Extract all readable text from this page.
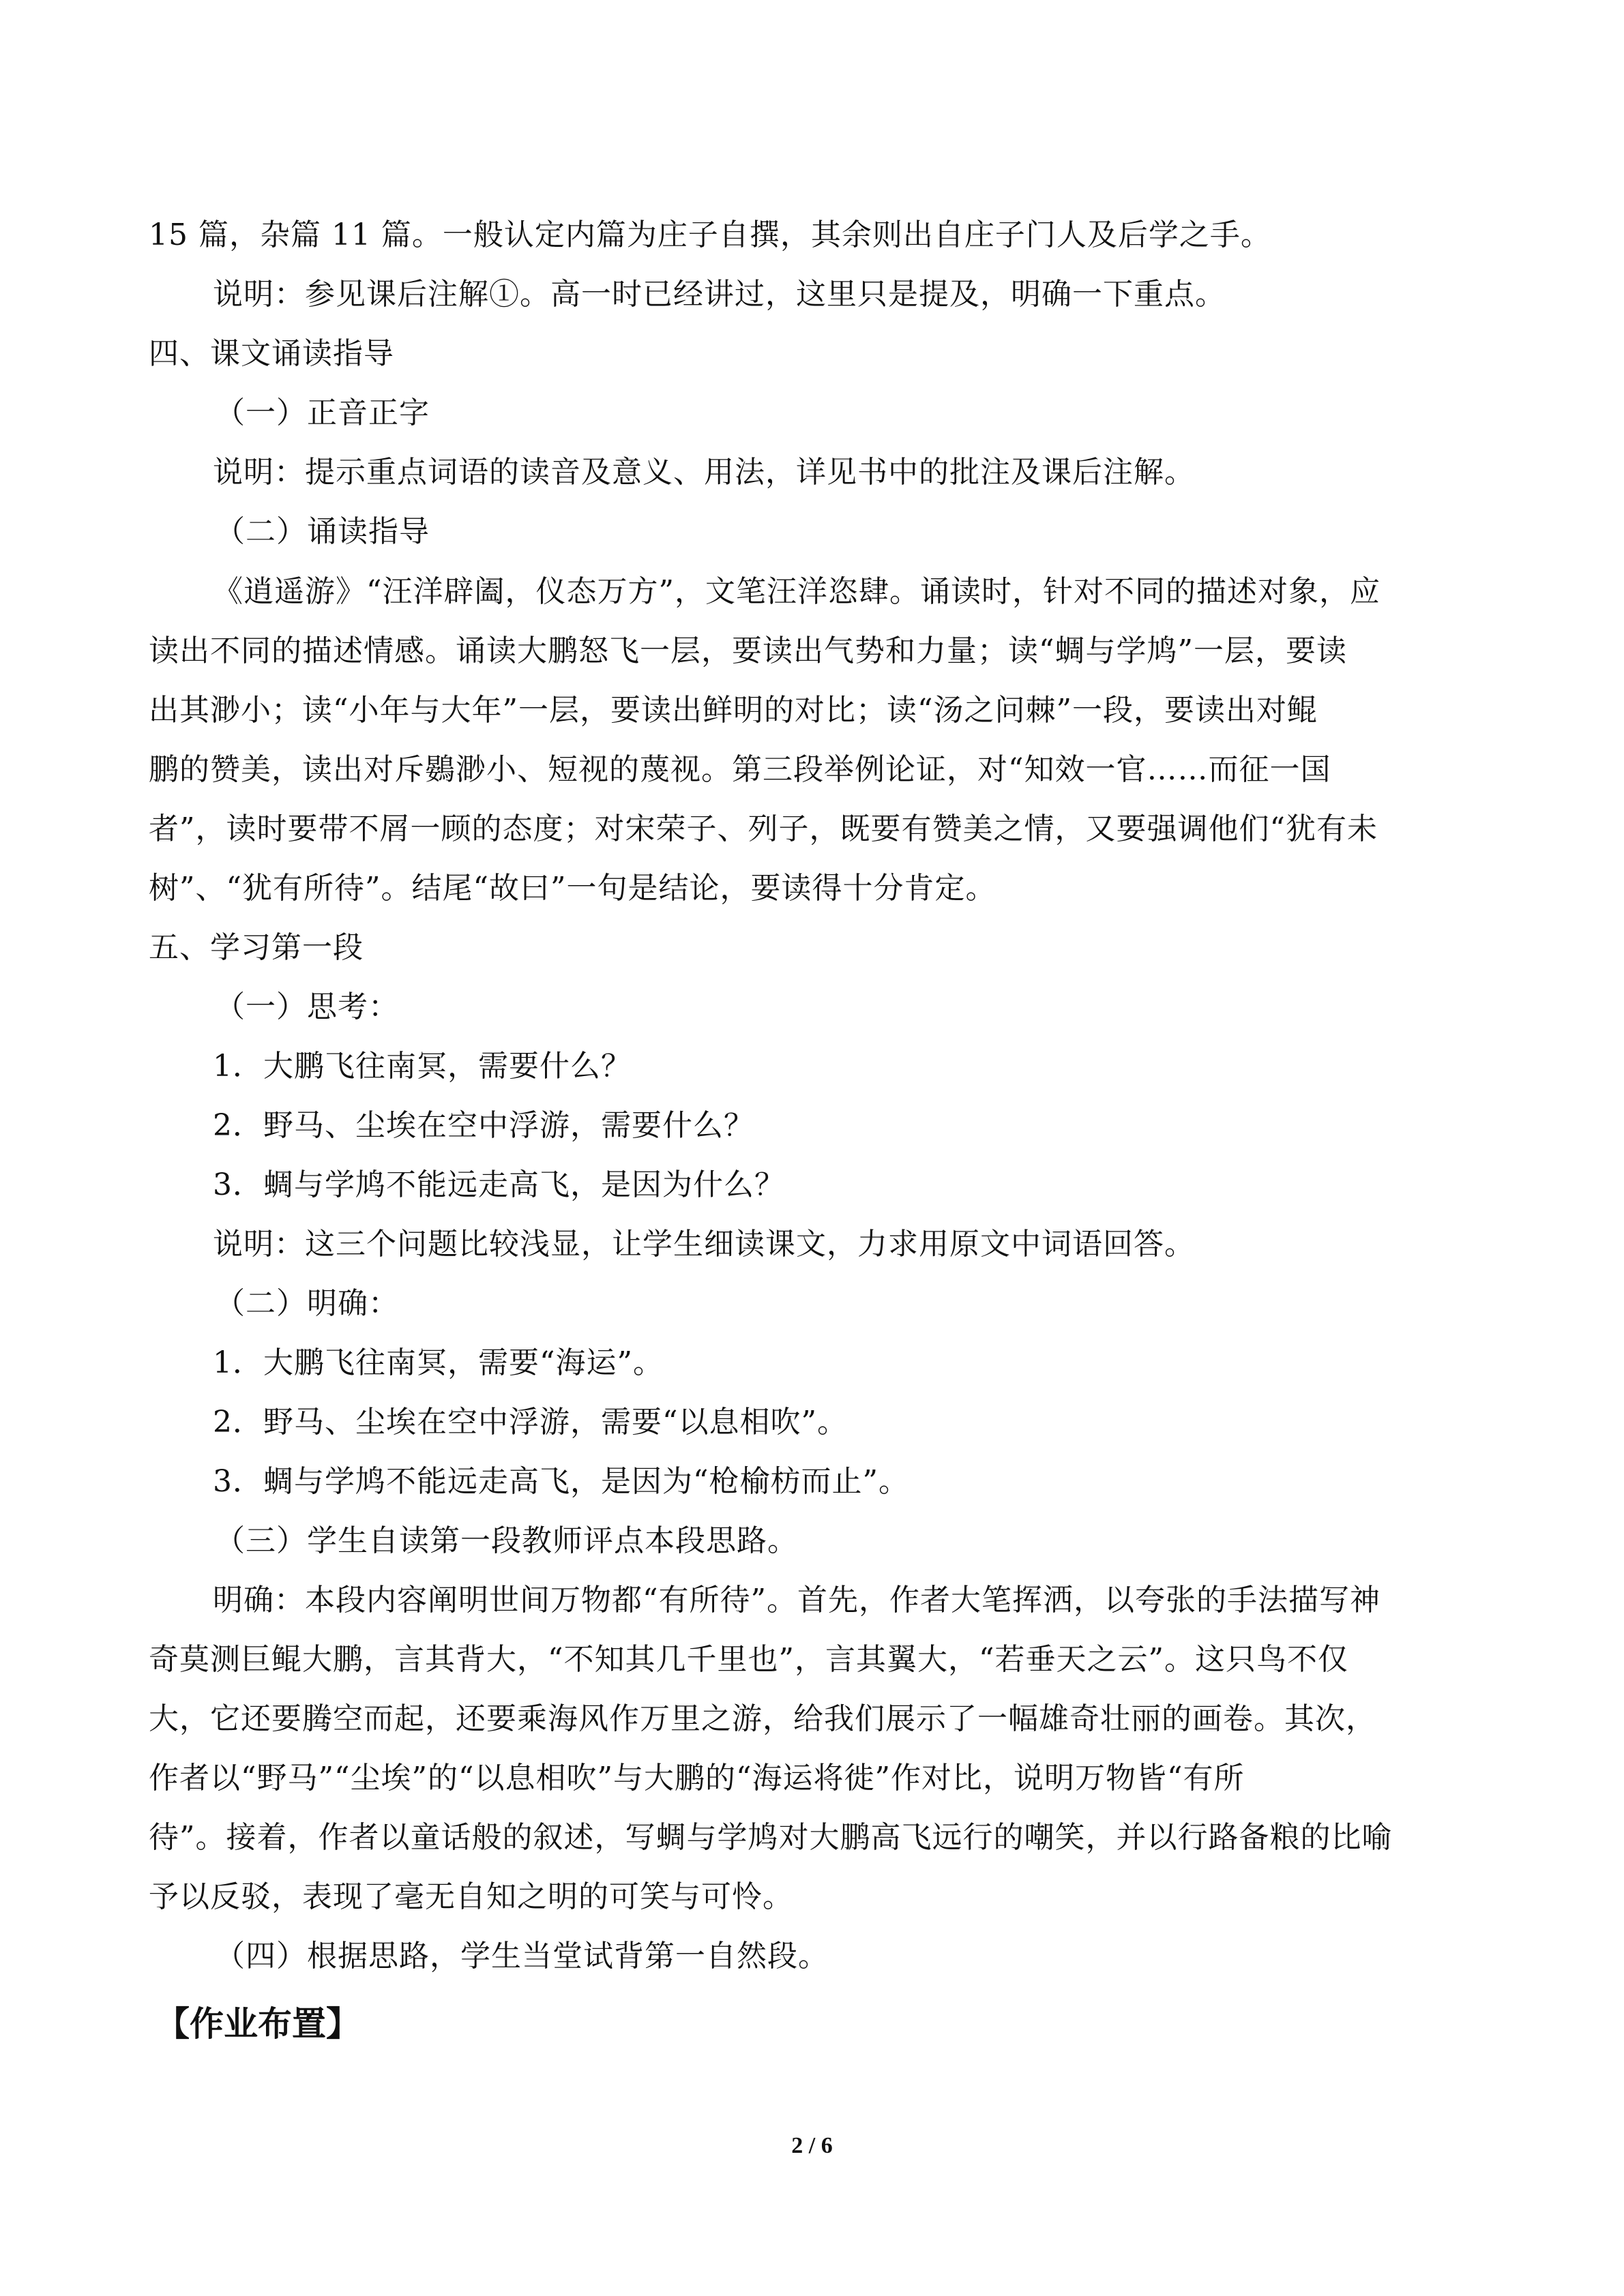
15 篇，杂篇 11 篇。一般认定内篇为庄子自撰，其余则出自庄子门人及后学之手。
说明：参见课后注解①。高一时已经讲过，这里只是提及，明确一下重点。
四、课文诵读指导
（一）正音正字
说明：提示重点词语的读音及意义、用法，详见书中的批注及课后注解。
（二）诵读指导
《逍遥游》“汪洋辟阖，仪态万方”，文笔汪洋恣肆。诵读时，针对不同的描述对象，应
读出不同的描述情感。诵读大鹏怒飞一层，要读出气势和力量；读“蜩与学鸠”一层，要读
出其渺小；读“小年与大年”一层，要读出鲜明的对比；读“汤之问棘”一段，要读出对鲲
鹏的赞美，读出对斥鷃渺小、短视的蔑视。第三段举例论证，对“知效一官……而征一国
者”，读时要带不屑一顾的态度；对宋荣子、列子，既要有赞美之情，又要强调他们“犹有未
树”、“犹有所待”。结尾“故曰”一句是结论，要读得十分肯定。
五、学习第一段
（一）思考：
1．大鹏飞往南冥，需要什么？
2．野马、尘埃在空中浮游，需要什么？
3．蜩与学鸠不能远走高飞，是因为什么？
说明：这三个问题比较浅显，让学生细读课文，力求用原文中词语回答。
（二）明确：
1．大鹏飞往南冥，需要“海运”。
2．野马、尘埃在空中浮游，需要“以息相吹”。
3．蜩与学鸠不能远走高飞，是因为“枪榆枋而止”。
（三）学生自读第一段教师评点本段思路。
明确：本段内容阐明世间万物都“有所待”。首先，作者大笔挥洒，以夸张的手法描写神
奇莫测巨鲲大鹏，言其背大，“不知其几千里也”，言其翼大，“若垂天之云”。这只鸟不仅
大，它还要腾空而起，还要乘海风作万里之游，给我们展示了一幅雄奇壮丽的画卷。其次，
作者以“野马”“尘埃”的“以息相吹”与大鹏的“海运将徙”作对比，说明万物皆“有所
待”。接着，作者以童话般的叙述，写蜩与学鸠对大鹏高飞远行的嘲笑，并以行路备粮的比喻
予以反驳，表现了毫无自知之明的可笑与可怜。
（四）根据思路，学生当堂试背第一自然段。
【作业布置】
2 / 6
